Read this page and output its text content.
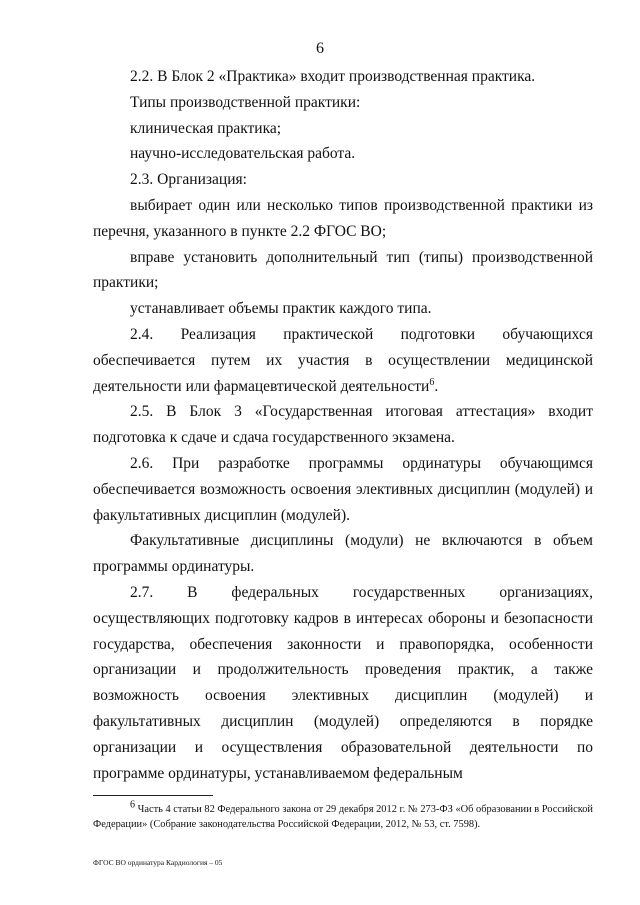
6

2.2. В Блок 2 «Практика» входит производственная практика.

Типы производственной практики:

клиническая практика;

научно-исследовательская работа.

2.3. Организация:

выбирает один или несколько типов производственной практики из перечня, указанного в пункте 2.2 ФГОС ВО;

вправе установить дополнительный тип (типы) производственной практики;

устанавливает объемы практик каждого типа.

2.4. Реализация практической подготовки обучающихся обеспечивается путем их участия в осуществлении медицинской деятельности или фармацевтической деятельности$^6$.

2.5. В Блок 3 «Государственная итоговая аттестация» входит подготовка к сдаче и сдача государственного экзамена.

2.6. При разработке программы ординатуры обучающимся обеспечивается возможность освоения элективных дисциплин (модулей) и факультативных дисциплин (модулей).

Факультативные дисциплины (модули) не включаются в объем программы ординатуры.

2.7. В федеральных государственных организациях, осуществляющих подготовку кадров в интересах обороны и безопасности государства, обеспечения законности и правопорядка, особенности организации и продолжительность проведения практик, а также возможность освоения элективных дисциплин (модулей) и факультативных дисциплин (модулей) определяются в порядке организации и осуществления образовательной деятельности по программе ординатуры, устанавливаемом федеральным

$^6$ Часть 4 статьи 82 Федерального закона от 29 декабря 2012 г. № 273-ФЗ «Об образовании в Российской Федерации» (Собрание законодательства Российской Федерации, 2012, № 53, ст. 7598).
ФГОС ВО ординатура Кардиология – 05
